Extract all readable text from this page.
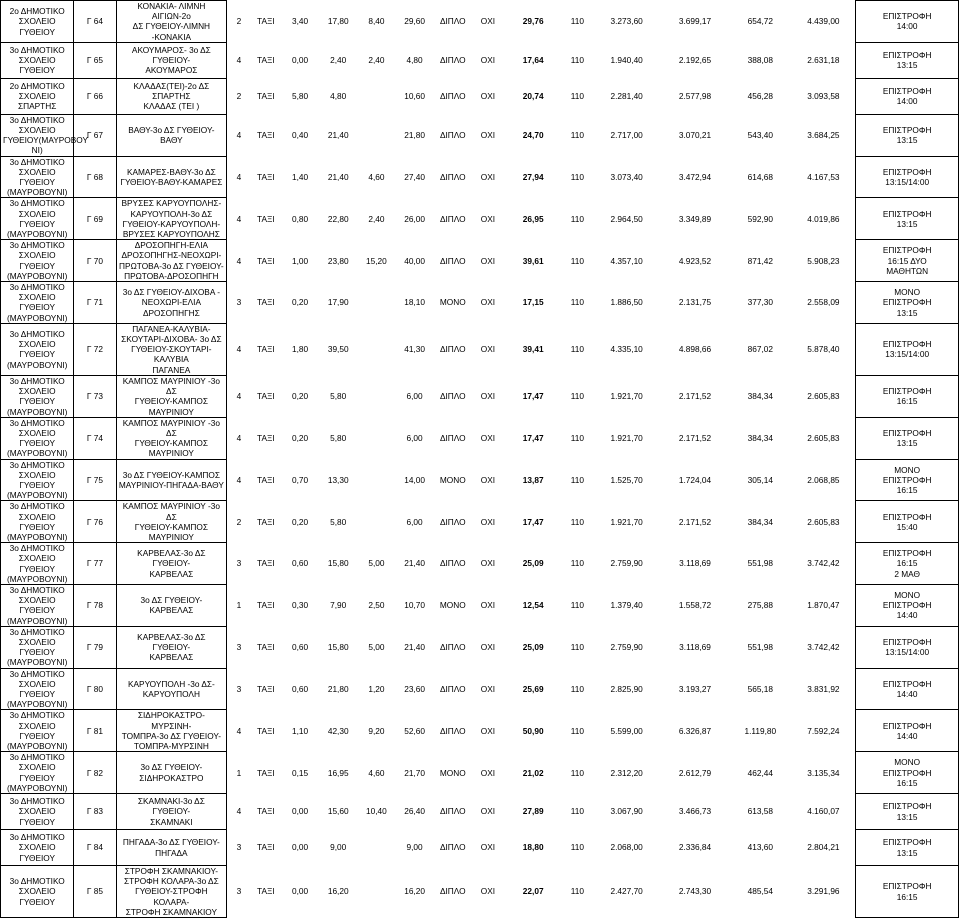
2ο ΔΗΜΟΤΙΚΟ
ΣΧΟΛΕΙΟ ΓΥΘΕΙΟΥ	Γ 64	ΚΟΝΑΚΙΑ- ΛΙΜΝΗ ΑΙΓΙΩΝ-2ο
ΔΣ ΓΥΘΕΙΟΥ-ΛΙΜΝΗ -ΚΟΝΑΚΙΑ	2	ΤΑΞΙ	3,40	17,80	8,40	29,60	ΔΙΠΛΟ	ΟΧΙ	29,76	110	3.273,60	3.699,17	654,72	4.439,00	ΕΠΙΣΤΡΟΦΗ
14:00
3ο ΔΗΜΟΤΙΚΟ
ΣΧΟΛΕΙΟ ΓΥΘΕΙΟΥ	Γ 65	ΑΚΟΥΜΑΡΟΣ- 3ο ΔΣ ΓΥΘΕΙΟΥ-
ΑΚΟΥΜΑΡΟΣ	4	ΤΑΞΙ	0,00	2,40	2,40	4,80	ΔΙΠΛΟ	ΟΧΙ	17,64	110	1.940,40	2.192,65	388,08	2.631,18	ΕΠΙΣΤΡΟΦΗ
13:15
2ο ΔΗΜΟΤΙΚΟ
ΣΧΟΛΕΙΟ ΣΠΑΡΤΗΣ	Γ 66	ΚΛΑΔΑΣ(ΤΕΙ)-2ο ΔΣ ΣΠΑΡΤΗΣ
ΚΛΑΔΑΣ (ΤΕΙ )	2	ΤΑΞΙ	5,80	4,80		10,60	ΔΙΠΛΟ	ΟΧΙ	20,74	110	2.281,40	2.577,98	456,28	3.093,58	ΕΠΙΣΤΡΟΦΗ
14:00
3ο ΔΗΜΟΤΙΚΟ
ΣΧΟΛΕΙΟ
ΓΥΘΕΙΟΥ(ΜΑΥΡΟΒΟΥ
ΝΙ)	Γ 67	ΒΑΘΥ-3ο ΔΣ ΓΥΘΕΙΟΥ-ΒΑΘΥ	4	ΤΑΞΙ	0,40	21,40		21,80	ΔΙΠΛΟ	ΟΧΙ	24,70	110	2.717,00	3.070,21	543,40	3.684,25	ΕΠΙΣΤΡΟΦΗ
13:15
3ο ΔΗΜΟΤΙΚΟ
ΣΧΟΛΕΙΟ ΓΥΘΕΙΟΥ
(ΜΑΥΡΟΒΟΥΝΙ)	Γ 68	ΚΑΜΑΡΕΣ-ΒΑΘΥ-3ο ΔΣ
ΓΥΘΕΙΟΥ-ΒΑΘΥ-ΚΑΜΑΡΕΣ	4	ΤΑΞΙ	1,40	21,40	4,60	27,40	ΔΙΠΛΟ	ΟΧΙ	27,94	110	3.073,40	3.472,94	614,68	4.167,53	ΕΠΙΣΤΡΟΦΗ
13:15/14:00
3ο ΔΗΜΟΤΙΚΟ
ΣΧΟΛΕΙΟ ΓΥΘΕΙΟΥ
(ΜΑΥΡΟΒΟΥΝΙ)	Γ 69	ΒΡΥΣΕΣ ΚΑΡΥΟΥΠΟΛΗΣ-
ΚΑΡΥΟΥΠΟΛΗ-3ο ΔΣ
ΓΥΘΕΙΟΥ-ΚΑΡΥΟΥΠΟΛΗ-
ΒΡΥΣΕΣ ΚΑΡΥΟΥΠΟΛΗΣ	4	ΤΑΞΙ	0,80	22,80	2,40	26,00	ΔΙΠΛΟ	ΟΧΙ	26,95	110	2.964,50	3.349,89	592,90	4.019,86	ΕΠΙΣΤΡΟΦΗ
13:15
3ο ΔΗΜΟΤΙΚΟ
ΣΧΟΛΕΙΟ ΓΥΘΕΙΟΥ
(ΜΑΥΡΟΒΟΥΝΙ)	Γ 70	ΔΡΟΣΟΠΗΓΗ-ΕΛΙΑ
ΔΡΟΣΟΠΗΓΗΣ-ΝΕΟΧΩΡΙ-
ΠΡΩΤΟΒΑ-3ο ΔΣ ΓΥΘΕΙΟΥ-
ΠΡΩΤΟΒΑ-ΔΡΟΣΟΠΗΓΗ	4	ΤΑΞΙ	1,00	23,80	15,20	40,00	ΔΙΠΛΟ	ΟΧΙ	39,61	110	4.357,10	4.923,52	871,42	5.908,23	ΕΠΙΣΤΡΟΦΗ
16:15 ΔΥΟ
ΜΑΘΗΤΩΝ
3ο ΔΗΜΟΤΙΚΟ
ΣΧΟΛΕΙΟ ΓΥΘΕΙΟΥ
(ΜΑΥΡΟΒΟΥΝΙ)	Γ 71	3ο ΔΣ ΓΥΘΕΙΟΥ-ΔΙΧΟΒΑ -
ΝΕΟΧΩΡΙ-ΕΛΙΑ ΔΡΟΣΟΠΗΓΗΣ	3	ΤΑΞΙ	0,20	17,90		18,10	ΜΟΝΟ	ΟΧΙ	17,15	110	1.886,50	2.131,75	377,30	2.558,09	ΜΟΝΟ
ΕΠΙΣΤΡΟΦΗ
13:15
3ο ΔΗΜΟΤΙΚΟ
ΣΧΟΛΕΙΟ ΓΥΘΕΙΟΥ
(ΜΑΥΡΟΒΟΥΝΙ)	Γ 72	ΠΑΓΑΝΕΑ-ΚΑΛΥΒΙΑ-
ΣΚΟΥΤΑΡΙ-ΔΙΧΟΒΑ- 3ο ΔΣ
ΓΥΘΕΙΟΥ-ΣΚΟΥΤΑΡΙ-ΚΑΛΥΒΙΑ
ΠΑΓΑΝΕΑ	4	ΤΑΞΙ	1,80	39,50		41,30	ΔΙΠΛΟ	ΟΧΙ	39,41	110	4.335,10	4.898,66	867,02	5.878,40	ΕΠΙΣΤΡΟΦΗ
13:15/14:00
3ο ΔΗΜΟΤΙΚΟ
ΣΧΟΛΕΙΟ ΓΥΘΕΙΟΥ
(ΜΑΥΡΟΒΟΥΝΙ)	Γ 73	ΚΑΜΠΟΣ ΜΑΥΡΙΝΙΟΥ -3ο ΔΣ
ΓΥΘΕΙΟΥ-ΚΑΜΠΟΣ
ΜΑΥΡΙΝΙΟΥ	4	ΤΑΞΙ	0,20	5,80		6,00	ΔΙΠΛΟ	ΟΧΙ	17,47	110	1.921,70	2.171,52	384,34	2.605,83	ΕΠΙΣΤΡΟΦΗ
16:15
3ο ΔΗΜΟΤΙΚΟ
ΣΧΟΛΕΙΟ ΓΥΘΕΙΟΥ
(ΜΑΥΡΟΒΟΥΝΙ)	Γ 74	ΚΑΜΠΟΣ ΜΑΥΡΙΝΙΟΥ -3ο ΔΣ
ΓΥΘΕΙΟΥ-ΚΑΜΠΟΣ
ΜΑΥΡΙΝΙΟΥ	4	ΤΑΞΙ	0,20	5,80		6,00	ΔΙΠΛΟ	ΟΧΙ	17,47	110	1.921,70	2.171,52	384,34	2.605,83	ΕΠΙΣΤΡΟΦΗ
13:15
3ο ΔΗΜΟΤΙΚΟ
ΣΧΟΛΕΙΟ ΓΥΘΕΙΟΥ
(ΜΑΥΡΟΒΟΥΝΙ)	Γ 75	3ο ΔΣ ΓΥΘΕΙΟΥ-ΚΑΜΠΟΣ
ΜΑΥΡΙΝΙΟΥ-ΠΗΓΑΔΑ-ΒΑΘΥ	4	ΤΑΞΙ	0,70	13,30		14,00	ΜΟΝΟ	ΟΧΙ	13,87	110	1.525,70	1.724,04	305,14	2.068,85	ΜΟΝΟ
ΕΠΙΣΤΡΟΦΗ
16:15
3ο ΔΗΜΟΤΙΚΟ
ΣΧΟΛΕΙΟ ΓΥΘΕΙΟΥ
(ΜΑΥΡΟΒΟΥΝΙ)	Γ 76	ΚΑΜΠΟΣ ΜΑΥΡΙΝΙΟΥ -3ο ΔΣ
ΓΥΘΕΙΟΥ-ΚΑΜΠΟΣ
ΜΑΥΡΙΝΙΟΥ	2	ΤΑΞΙ	0,20	5,80		6,00	ΔΙΠΛΟ	ΟΧΙ	17,47	110	1.921,70	2.171,52	384,34	2.605,83	ΕΠΙΣΤΡΟΦΗ
15:40
3ο ΔΗΜΟΤΙΚΟ
ΣΧΟΛΕΙΟ ΓΥΘΕΙΟΥ
(ΜΑΥΡΟΒΟΥΝΙ)	Γ 77	ΚΑΡΒΕΛΑΣ-3ο ΔΣ ΓΥΘΕΙΟΥ-
ΚΑΡΒΕΛΑΣ	3	ΤΑΞΙ	0,60	15,80	5,00	21,40	ΔΙΠΛΟ	ΟΧΙ	25,09	110	2.759,90	3.118,69	551,98	3.742,42	ΕΠΙΣΤΡΟΦΗ
16:15
2 ΜΑΘ
3ο ΔΗΜΟΤΙΚΟ
ΣΧΟΛΕΙΟ ΓΥΘΕΙΟΥ
(ΜΑΥΡΟΒΟΥΝΙ)	Γ 78	3ο ΔΣ ΓΥΘΕΙΟΥ-ΚΑΡΒΕΛΑΣ	1	ΤΑΞΙ	0,30	7,90	2,50	10,70	ΜΟΝΟ	ΟΧΙ	12,54	110	1.379,40	1.558,72	275,88	1.870,47	ΜΟΝΟ
ΕΠΙΣΤΡΟΦΗ
14:40
3ο ΔΗΜΟΤΙΚΟ
ΣΧΟΛΕΙΟ ΓΥΘΕΙΟΥ
(ΜΑΥΡΟΒΟΥΝΙ)	Γ 79	ΚΑΡΒΕΛΑΣ-3ο ΔΣ ΓΥΘΕΙΟΥ-
ΚΑΡΒΕΛΑΣ	3	ΤΑΞΙ	0,60	15,80	5,00	21,40	ΔΙΠΛΟ	ΟΧΙ	25,09	110	2.759,90	3.118,69	551,98	3.742,42	ΕΠΙΣΤΡΟΦΗ
13:15/14:00
3ο ΔΗΜΟΤΙΚΟ
ΣΧΟΛΕΙΟ ΓΥΘΕΙΟΥ
(ΜΑΥΡΟΒΟΥΝΙ)	Γ 80	ΚΑΡΥΟΥΠΟΛΗ -3ο ΔΣ-
ΚΑΡΥΟΥΠΟΛΗ	3	ΤΑΞΙ	0,60	21,80	1,20	23,60	ΔΙΠΛΟ	ΟΧΙ	25,69	110	2.825,90	3.193,27	565,18	3.831,92	ΕΠΙΣΤΡΟΦΗ
14:40
3ο ΔΗΜΟΤΙΚΟ
ΣΧΟΛΕΙΟ ΓΥΘΕΙΟΥ
(ΜΑΥΡΟΒΟΥΝΙ)	Γ 81	ΣΙΔΗΡΟΚΑΣΤΡΟ-ΜΥΡΣΙΝΗ-
ΤΟΜΠΡΑ-3ο ΔΣ ΓΥΘΕΙΟΥ-
ΤΟΜΠΡΑ-ΜΥΡΣΙΝΗ	4	ΤΑΞΙ	1,10	42,30	9,20	52,60	ΔΙΠΛΟ	ΟΧΙ	50,90	110	5.599,00	6.326,87	1.119,80	7.592,24	ΕΠΙΣΤΡΟΦΗ
14:40
3ο ΔΗΜΟΤΙΚΟ
ΣΧΟΛΕΙΟ ΓΥΘΕΙΟΥ
(ΜΑΥΡΟΒΟΥΝΙ)	Γ 82	3ο ΔΣ ΓΥΘΕΙΟΥ-
ΣΙΔΗΡΟΚΑΣΤΡΟ	1	ΤΑΞΙ	0,15	16,95	4,60	21,70	ΜΟΝΟ	ΟΧΙ	21,02	110	2.312,20	2.612,79	462,44	3.135,34	ΜΟΝΟ
ΕΠΙΣΤΡΟΦΗ
16:15
3ο ΔΗΜΟΤΙΚΟ
ΣΧΟΛΕΙΟ ΓΥΘΕΙΟΥ	Γ 83	ΣΚΑΜΝΑΚΙ-3ο ΔΣ ΓΥΘΕΙΟΥ-
ΣΚΑΜΝΑΚΙ	4	ΤΑΞΙ	0,00	15,60	10,40	26,40	ΔΙΠΛΟ	ΟΧΙ	27,89	110	3.067,90	3.466,73	613,58	4.160,07	ΕΠΙΣΤΡΟΦΗ
13:15
3ο ΔΗΜΟΤΙΚΟ
ΣΧΟΛΕΙΟ ΓΥΘΕΙΟΥ	Γ 84	ΠΗΓΑΔΑ-3ο ΔΣ ΓΥΘΕΙΟΥ-
ΠΗΓΑΔΑ	3	ΤΑΞΙ	0,00	9,00		9,00	ΔΙΠΛΟ	ΟΧΙ	18,80	110	2.068,00	2.336,84	413,60	2.804,21	ΕΠΙΣΤΡΟΦΗ
13:15
3ο ΔΗΜΟΤΙΚΟ
ΣΧΟΛΕΙΟ ΓΥΘΕΙΟΥ	Γ 85	ΣΤΡΟΦΗ ΣΚΑΜΝΑΚΙΟΥ-
ΣΤΡΟΦΗ ΚΟΛΑΡΑ-3ο ΔΣ
ΓΥΘΕΙΟΥ-ΣΤΡΟΦΗ ΚΟΛΑΡΑ-
ΣΤΡΟΦΗ ΣΚΑΜΝΑΚΙΟΥ	3	ΤΑΞΙ	0,00	16,20		16,20	ΔΙΠΛΟ	ΟΧΙ	22,07	110	2.427,70	2.743,30	485,54	3.291,96	ΕΠΙΣΤΡΟΦΗ
16:15
